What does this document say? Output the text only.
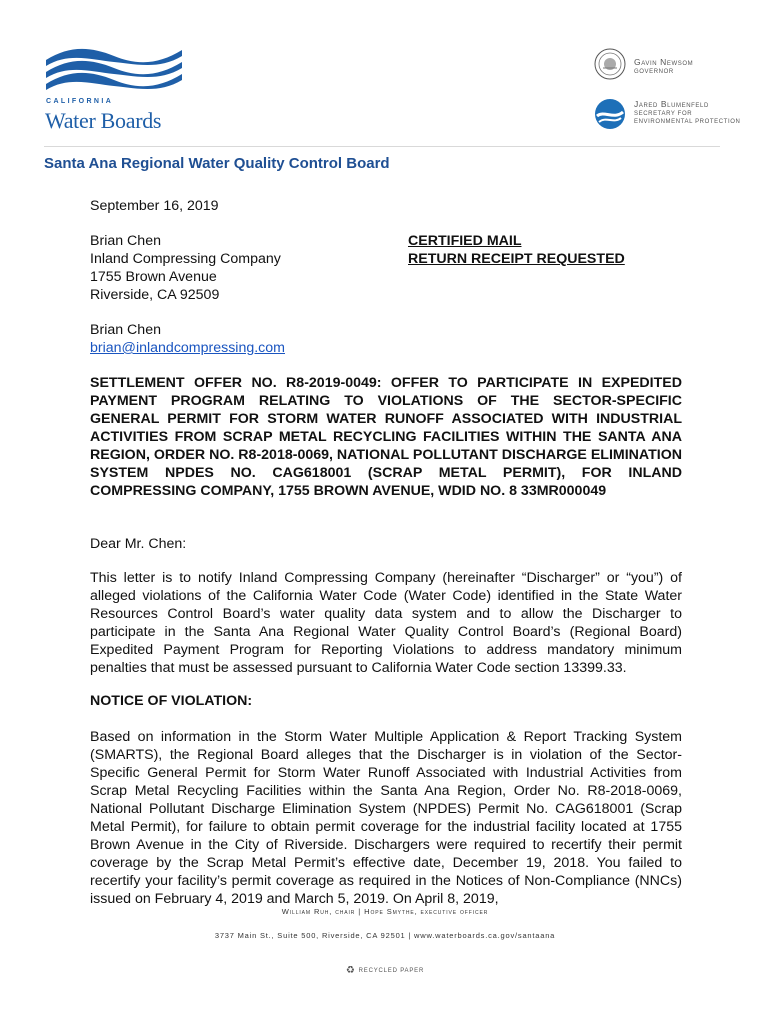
CALIFORNIA
Water Boards
Gavin Newsom
GOVERNOR
Jared Blumenfeld
SECRETARY FOR ENVIRONMENTAL PROTECTION
Santa Ana Regional Water Quality Control Board
September 16, 2019
Brian Chen
Inland Compressing Company
1755 Brown Avenue
Riverside, CA 92509
CERTIFIED MAIL
RETURN RECEIPT REQUESTED
Brian Chen
brian@inlandcompressing.com
SETTLEMENT OFFER NO. R8-2019-0049: OFFER TO PARTICIPATE IN EXPEDITED PAYMENT PROGRAM RELATING TO VIOLATIONS OF THE SECTOR-SPECIFIC GENERAL PERMIT FOR STORM WATER RUNOFF ASSOCIATED WITH INDUSTRIAL ACTIVITIES FROM SCRAP METAL RECYCLING FACILITIES WITHIN THE SANTA ANA REGION, ORDER NO. R8-2018-0069, NATIONAL POLLUTANT DISCHARGE ELIMINATION SYSTEM NPDES NO. CAG618001 (SCRAP METAL PERMIT), FOR INLAND COMPRESSING COMPANY, 1755 BROWN AVENUE, WDID NO. 8 33MR000049
Dear Mr. Chen:
This letter is to notify Inland Compressing Company (hereinafter “Discharger” or “you”) of alleged violations of the California Water Code (Water Code) identified in the State Water Resources Control Board’s water quality data system and to allow the Discharger to participate in the Santa Ana Regional Water Quality Control Board’s (Regional Board) Expedited Payment Program for Reporting Violations to address mandatory minimum penalties that must be assessed pursuant to California Water Code section 13399.33.
NOTICE OF VIOLATION:
Based on information in the Storm Water Multiple Application & Report Tracking System (SMARTS), the Regional Board alleges that the Discharger is in violation of the Sector-Specific General Permit for Storm Water Runoff Associated with Industrial Activities from Scrap Metal Recycling Facilities within the Santa Ana Region, Order No. R8-2018-0069, National Pollutant Discharge Elimination System (NPDES) Permit No. CAG618001 (Scrap Metal Permit), for failure to obtain permit coverage for the industrial facility located at 1755 Brown Avenue in the City of Riverside. Dischargers were required to recertify their permit coverage by the Scrap Metal Permit’s effective date, December 19, 2018. You failed to recertify your facility’s permit coverage as required in the Notices of Non-Compliance (NNCs) issued on February 4, 2019 and March 5, 2019. On April 8, 2019,
William Ruh, chair | Hope Smythe, executive officer
3737 Main St., Suite 500, Riverside, CA 92501 | www.waterboards.ca.gov/santaana
♻ RECYCLED PAPER
